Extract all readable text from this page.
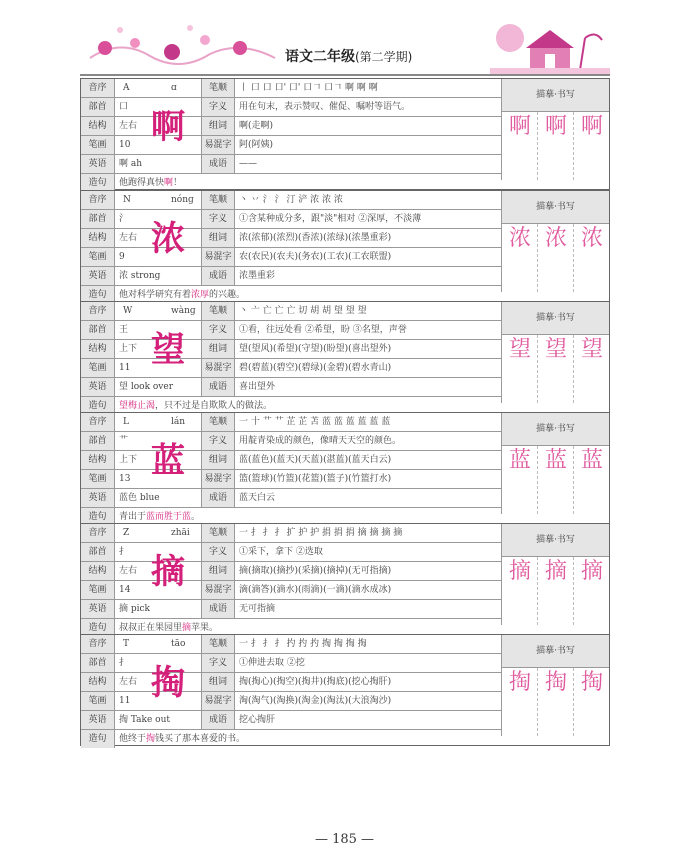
语文二年级(第二学期)
音序	A	ɑ	笔顺	丨 口 口 口' 口' 口𠃍 口𠃍 啊 啊 啊
部首	口	字义	用在句末，表示赞叹、催促、嘱咐等语气。
结构	左右	组词	啊(走啊)
笔画	10	易混字 阿(阿姨)
英语	啊 ah	成语	——
造句	他跑得真快啊！
啊
描摹·书写
啊 啊 啊
音序	N	nónɡ	笔顺	丶 丷 氵 氵 汀 浐 浓 浓 浓
部首	氵	字义	①含某种成分多，跟"淡"相对 ②深厚，不淡薄
结构	左右	组词	浓(浓郁)(浓烈)(香浓)(浓绿)(浓墨重彩)
笔画	9	易混字 农(农民)(农夫)(务农)(工农)(工农联盟)
英语	浓 strong	成语	浓墨重彩
造句	他对科学研究有着浓厚的兴趣。
浓
描摹·书写
浓 浓 浓
音序	W	wànɡ	笔顺	丶 亠 亡 亡 亡 切 胡 胡 望 望 望
部首	王	字义	①看，往远处看 ②希望，盼 ③名望，声誉
结构	上下	组词	望(望风)(希望)(守望)(盼望)(喜出望外)
笔画	11	易混字 碧(碧蓝)(碧空)(碧绿)(金碧)(碧水青山)
英语	望 look over	成语	喜出望外
造句	望梅止渴，只不过是自欺欺人的做法。
望
描摹·书写
望 望 望
音序	L	lán	笔顺	一 十 艹 艹 芷 芷 苫 蓝 蓝 蓝 蓝 蓝 蓝
部首	艹	字义	用靛青染成的颜色，像晴天天空的颜色。
结构	上下	组词	蓝(蓝色)(蓝天)(天蓝)(湛蓝)(蓝天白云)
笔画	13	易混字 篮(篮球)(竹篮)(花篮)(篮子)(竹篮打水)
英语	蓝色 blue	成语	蓝天白云
造句	青出于蓝而胜于蓝。
蓝
描摹·书写
蓝 蓝 蓝
音序	Z	zhāi	笔顺	一 扌 扌 扌 扩 护 护 捐 捐 捐 摘 摘 摘 摘
部首	扌	字义	①采下，拿下 ②选取
结构	左右	组词	摘(摘取)(摘抄)(采摘)(摘掉)(无可指摘)
笔画	14	易混字 滴(滴答)(滴水)(雨滴)(一滴)(滴水成冰)
英语	摘 pick	成语	无可指摘
造句	叔叔正在果园里摘苹果。
摘
描摹·书写
摘 摘 摘
音序	T	tāo	笔顺	一 扌 扌 扌 扚 扚 扚 掏 掏 掏 掏
部首	扌	字义	①伸进去取 ②挖
结构	左右	组词	掏(掏心)(掏空)(掏井)(掏底)(挖心掏肝)
笔画	11	易混字 淘(淘气)(淘换)(淘金)(淘汰)(大浪淘沙)
英语	掏 Take out	成语	挖心掏肝
造句	他终于掏钱买了那本喜爱的书。
掏
描摹·书写
掏 掏 掏
— 185 —
